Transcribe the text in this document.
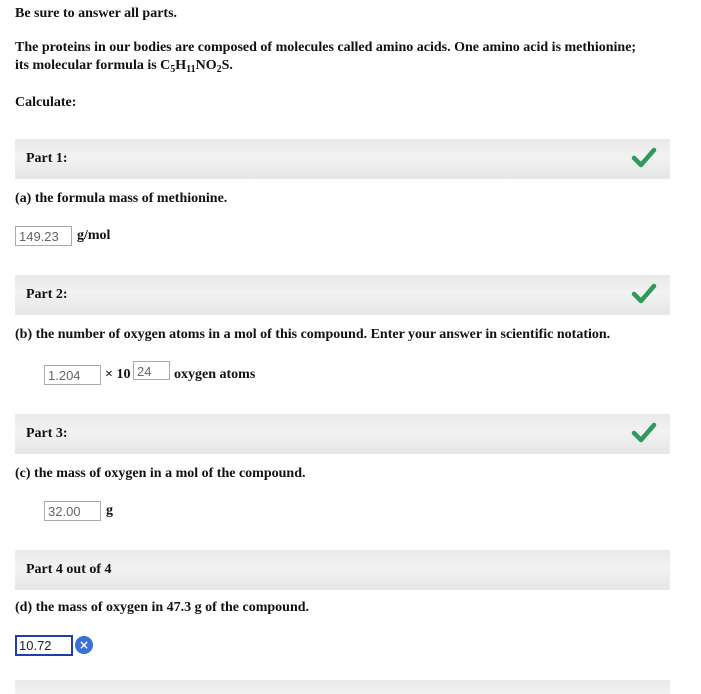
Be sure to answer all parts.
The proteins in our bodies are composed of molecules called amino acids. One amino acid is methionine;
its molecular formula is $C_5H_{11}NO_2S$.
Calculate:
Part 1:
(a) the formula mass of methionine.
149.23	g/mol
Part 2:
(b) the number of oxygen atoms in a mol of this compound. Enter your answer in scientific notation.
1.204	× 10 24	oxygen atoms
Part 3:
(c) the mass of oxygen in a mol of the compound.
32.00	g
Part 4 out of 4
(d) the mass of oxygen in 47.3 g of the compound.
10.72	×
